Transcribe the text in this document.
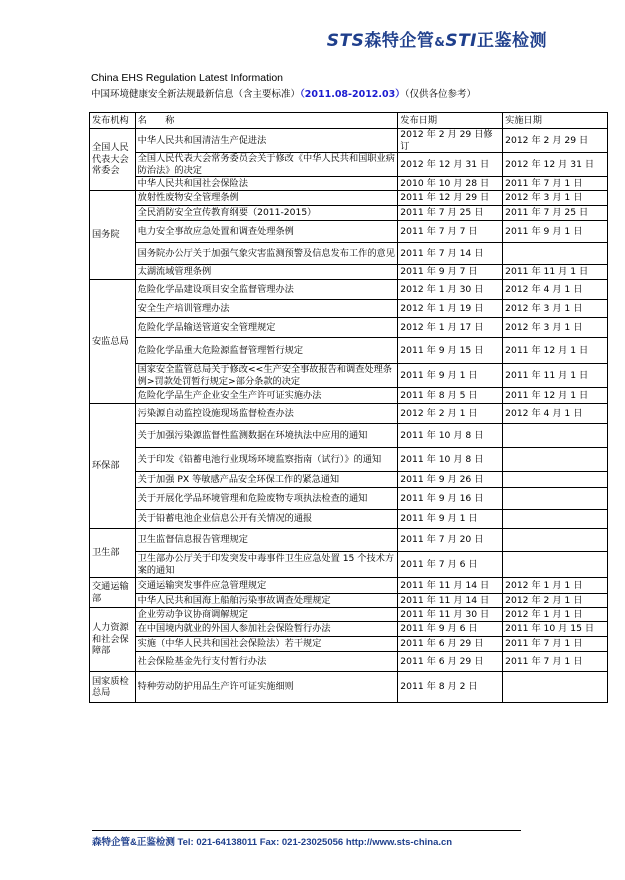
STS森特企管&STI正鉴检测
China EHS Regulation Latest Information
中国环境健康安全新法规最新信息（含主要标准）（2011.08-2012.03）（仅供各位参考）
发布机构	名　　称	发布日期	实施日期
全国人民代表大会常委会	中华人民共和国清洁生产促进法	2012 年 2 月 29 日修订	2012 年 2 月 29 日
	全国人民代表大会常务委员会关于修改《中华人民共和国职业病防治法》的决定	2012 年 12 月 31 日	2012 年 12 月 31 日
	中华人民共和国社会保险法	2010 年 10 月 28 日	2011 年 7 月 1 日
国务院	放射性废物安全管理条例	2011 年 12 月 29 日	2012 年 3 月 1 日
	全民消防安全宣传教育纲要（2011-2015）	2011 年 7 月 25 日	2011 年 7 月 25 日
	电力安全事故应急处置和调查处理条例	2011 年 7 月 7 日	2011 年 9 月 1 日
	国务院办公厅关于加强气象灾害监测预警及信息发布工作的意见	2011 年 7 月 14 日	
	太湖流域管理条例	2011 年 9 月 7 日	2011 年 11 月 1 日
安监总局	危险化学品建设项目安全监督管理办法	2012 年 1 月 30 日	2012 年 4 月 1 日
	安全生产培训管理办法	2012 年 1 月 19 日	2012 年 3 月 1 日
	危险化学品输送管道安全管理规定	2012 年 1 月 17 日	2012 年 3 月 1 日
	危险化学品重大危险源监督管理暂行规定	2011 年 9 月 15 日	2011 年 12 月 1 日
	国家安全监管总局关于修改<<生产安全事故报告和调查处理条例>罚款处罚暂行规定>部分条款的决定	2011 年 9 月 1 日	2011 年 11 月 1 日
	危险化学品生产企业安全生产许可证实施办法	2011 年 8 月 5 日	2011 年 12 月 1 日
环保部	污染源自动监控设施现场监督检查办法	2012 年 2 月 1 日	2012 年 4 月 1 日
	关于加强污染源监督性监测数据在环境执法中应用的通知	2011 年 10 月 8 日	
	关于印发《铅蓄电池行业现场环境监察指南（试行）》的通知	2011 年 10 月 8 日	
	关于加强 PX 等敏感产品安全环保工作的紧急通知	2011 年 9 月 26 日	
	关于开展化学品环境管理和危险废物专项执法检查的通知	2011 年 9 月 16 日	
	关于铅蓄电池企业信息公开有关情况的通报	2011 年 9 月 1 日	
卫生部	卫生监督信息报告管理规定	2011 年 7 月 20 日	
	卫生部办公厅关于印发突发中毒事件卫生应急处置 15 个技术方案的通知	2011 年 7 月 6 日	
交通运输部	交通运输突发事件应急管理规定	2011 年 11 月 14 日	2012 年 1 月 1 日
	中华人民共和国海上船舶污染事故调查处理规定	2011 年 11 月 14 日	2012 年 2 月 1 日
人力资源和社会保障部	企业劳动争议协商调解规定	2011 年 11 月 30 日	2012 年 1 月 1 日
	在中国境内就业的外国人参加社会保险暂行办法	2011 年 9 月 6 日	2011 年 10 月 15 日
	实施（中华人民共和国社会保险法）若干规定	2011 年 6 月 29 日	2011 年 7 月 1 日
	社会保险基金先行支付暂行办法	2011 年 6 月 29 日	2011 年 7 月 1 日
国家质检总局	特种劳动防护用品生产许可证实施细则	2011 年 8 月 2 日	
森特企管&正鉴检测 Tel: 021-64138011 Fax: 021-23025056 http://www.sts-china.cn
